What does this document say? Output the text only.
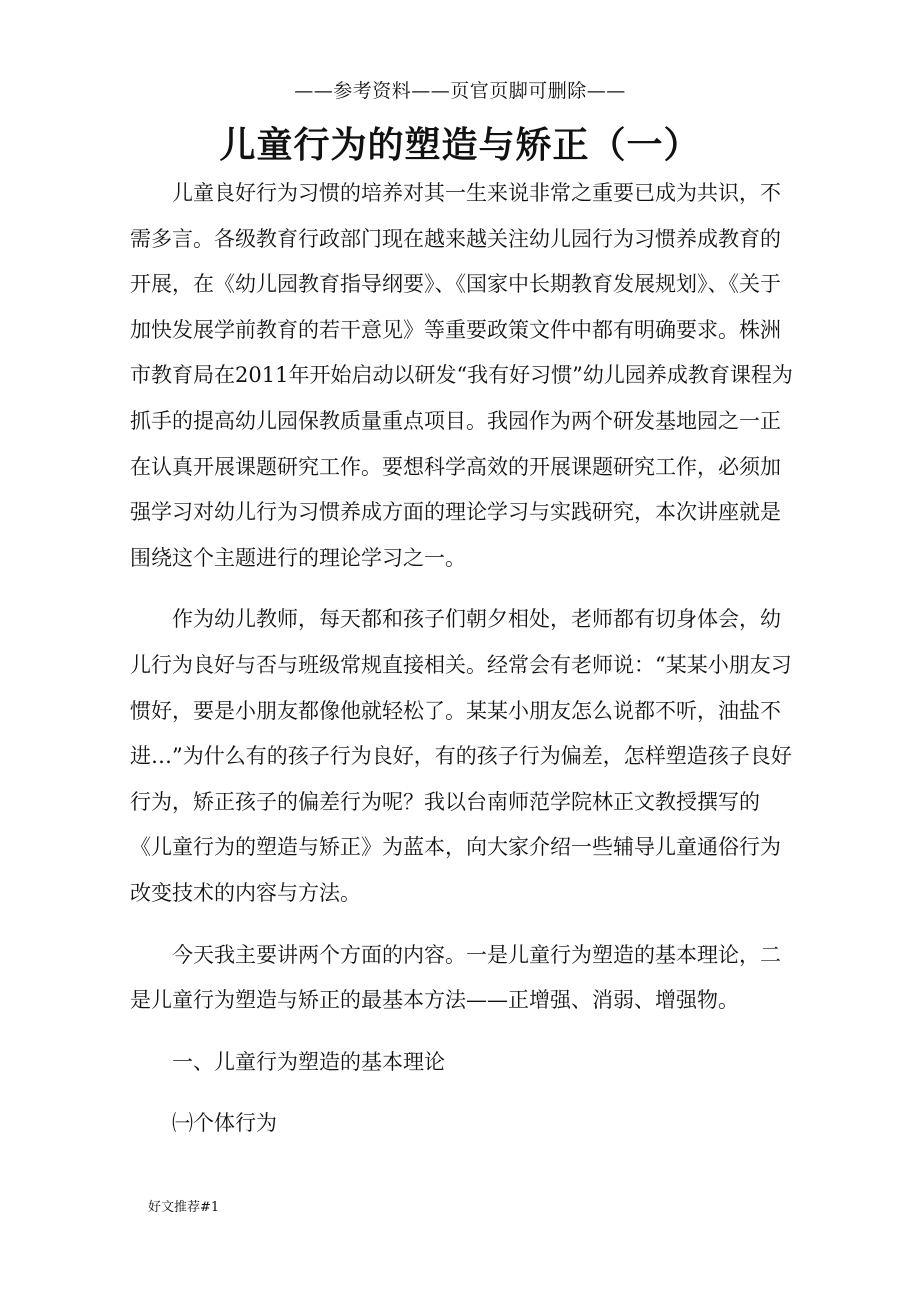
——参考资料——页官页脚可删除——
儿童行为的塑造与矫正（一）

儿童良好行为习惯的培养对其一生来说非常之重要已成为共识，不需多言。各级教育行政部门现在越来越关注幼儿园行为习惯养成教育的开展，在《幼儿园教育指导纲要》、《国家中长期教育发展规划》、《关于加快发展学前教育的若干意见》等重要政策文件中都有明确要求。株洲市教育局在2011年开始启动以研发“我有好习惯”幼儿园养成教育课程为抓手的提高幼儿园保教质量重点项目。我园作为两个研发基地园之一正在认真开展课题研究工作。要想科学高效的开展课题研究工作，必须加强学习对幼儿行为习惯养成方面的理论学习与实践研究，本次讲座就是围绕这个主题进行的理论学习之一。

作为幼儿教师，每天都和孩子们朝夕相处，老师都有切身体会，幼儿行为良好与否与班级常规直接相关。经常会有老师说：“某某小朋友习惯好，要是小朋友都像他就轻松了。某某小朋友怎么说都不听，油盐不进…”为什么有的孩子行为良好，有的孩子行为偏差，怎样塑造孩子良好行为，矫正孩子的偏差行为呢？我以台南师范学院林正文教授撰写的《儿童行为的塑造与矫正》为蓝本，向大家介绍一些辅导儿童通俗行为改变技术的内容与方法。

今天我主要讲两个方面的内容。一是儿童行为塑造的基本理论，二是儿童行为塑造与矫正的最基本方法——正增强、消弱、增强物。

一、儿童行为塑造的基本理论

㈠个体行为

好文推荐#1
